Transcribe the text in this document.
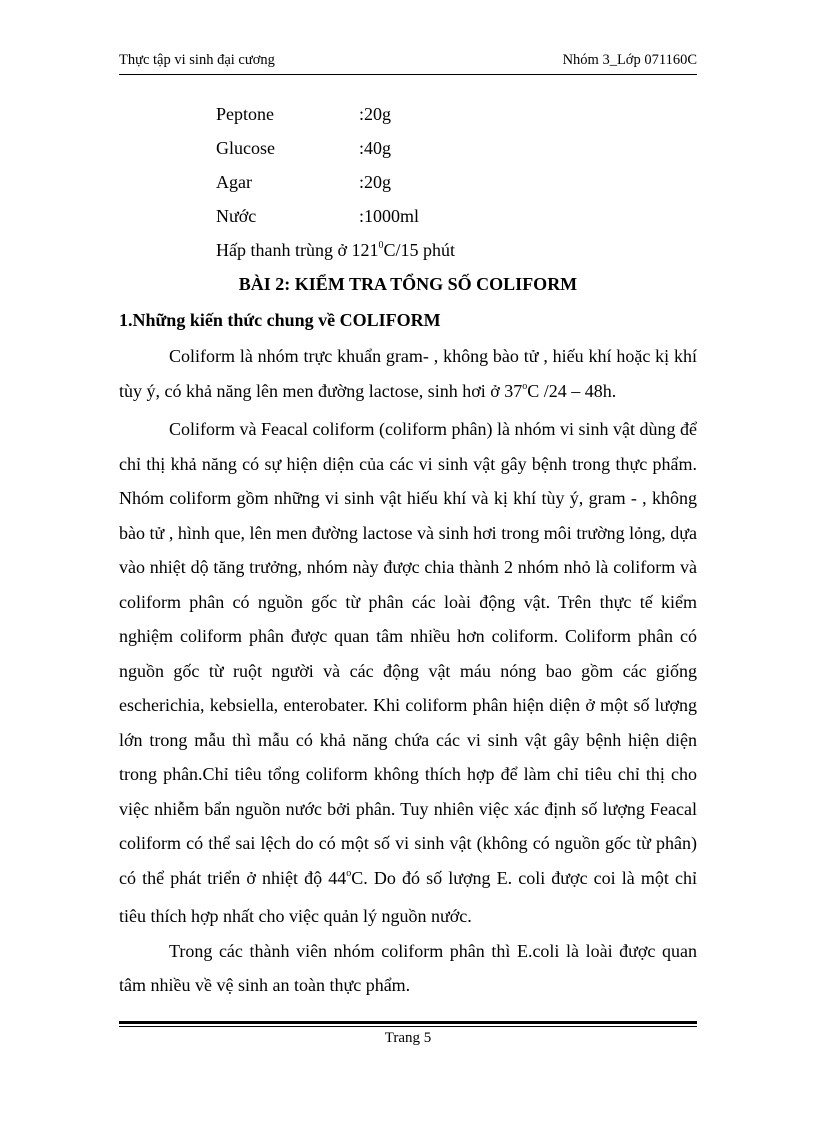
Thực tập vi sinh đại cương	Nhóm 3_Lớp 071160C
Peptone	:20g
Glucose	:40g
Agar	:20g
Nước	:1000ml
Hấp thanh trùng ở $121^0C/15$ phút
BÀI 2: KIỂM TRA TỔNG SỐ COLIFORM
1.Những kiến thức chung về COLIFORM

Coliform là nhóm trực khuẩn gram- , không bào tử , hiếu khí hoặc kị khí tùy ý, có khả năng lên men đường lactose, sinh hơi ở 37$^o$C /24 – 48h.

Coliform và Feacal coliform (coliform phân) là nhóm vi sinh vật dùng để chỉ thị khả năng có sự hiện diện của các vi sinh vật gây bệnh trong thực phẩm. Nhóm coliform gồm những vi sinh vật hiếu khí và kị khí tùy ý, gram - , không bào tử , hình que, lên men đường lactose và sinh hơi trong môi trường lỏng, dựa vào nhiệt dộ tăng trưởng, nhóm này được chia thành 2 nhóm nhỏ là coliform và coliform phân có nguồn gốc từ phân các loài động vật. Trên thực tế kiểm nghiệm coliform phân được quan tâm nhiều hơn coliform. Coliform phân có nguồn gốc từ ruột người và các động vật máu nóng bao gồm các giống escherichia, kebsiella, enterobater. Khi coliform phân hiện diện ở một số lượng lớn trong mẫu thì mẫu có khả năng chứa các vi sinh vật gây bệnh hiện diện trong phân.Chỉ tiêu tổng coliform không thích hợp để làm chỉ tiêu chỉ thị cho việc nhiễm bẩn nguồn nước bởi phân. Tuy nhiên việc xác định số lượng Feacal coliform có thể sai lệch do có một số vi sinh vật (không có nguồn gốc từ phân) có thể phát triển ở nhiệt độ 44$^o$C. Do đó số lượng E. coli được coi là một chỉ tiêu thích hợp nhất cho việc quản lý nguồn nước.

Trong các thành viên nhóm coliform phân thì E.coli là loài được quan tâm nhiều về vệ sinh an toàn thực phẩm.

Trang 5
